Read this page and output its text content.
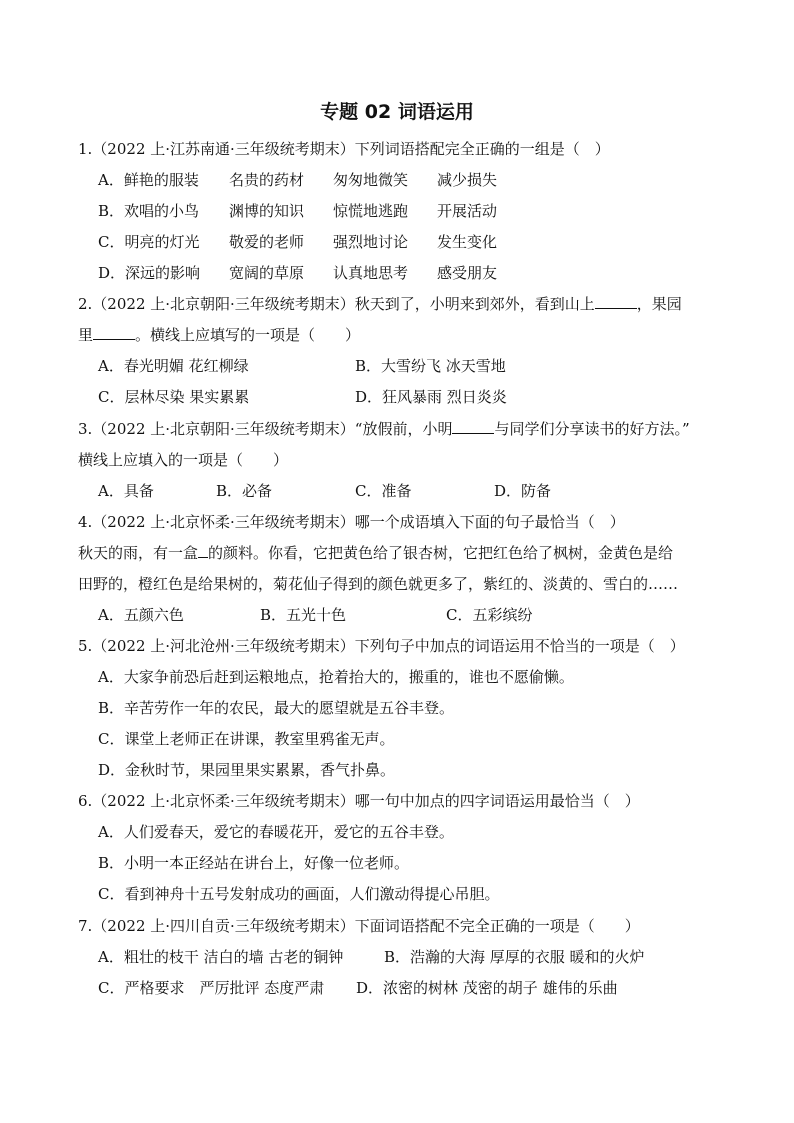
专题 02 词语运用
1.（2022 上·江苏南通·三年级统考期末）下列词语搭配完全正确的一组是（　）
A．鲜艳的服装 名贵的药材 匆匆地微笑 减少损失
B．欢唱的小鸟 渊博的知识 惊慌地逃跑 开展活动
C．明亮的灯光 敬爱的老师 强烈地讨论 发生变化
D．深远的影响 宽阔的草原 认真地思考 感受朋友
2.（2022 上·北京朝阳·三年级统考期末）秋天到了，小明来到郊外，看到山上	，果园
里	。横线上应填写的一项是（　　）
A．春光明媚 花红柳绿	B．大雪纷飞 冰天雪地
C．层林尽染 果实累累	D．狂风暴雨 烈日炎炎
3.（2022 上·北京朝阳·三年级统考期末）“放假前，小明	与同学们分享读书的好方法。”
横线上应填入的一项是（　　）
A．具备	B．必备	C．准备	D．防备
4.（2022 上·北京怀柔·三年级统考期末）哪一个成语填入下面的句子最恰当（　）
秋天的雨，有一盒 的颜料。你看，它把黄色给了银杏树，它把红色给了枫树，金黄色是给
田野的，橙红色是给果树的，菊花仙子得到的颜色就更多了，紫红的、淡黄的、雪白的……
A．五颜六色	B．五光十色	C．五彩缤纷
5.（2022 上·河北沧州·三年级统考期末）下列句子中加点的词语运用不恰当的一项是（　）
A．大家争前恐后赶到运粮地点，抢着抬大的，搬重的，谁也不愿偷懒。
B．辛苦劳作一年的农民，最大的愿望就是五谷丰登。
C．课堂上老师正在讲课，教室里鸦雀无声。
D．金秋时节，果园里果实累累，香气扑鼻。
6.（2022 上·北京怀柔·三年级统考期末）哪一句中加点的四字词语运用最恰当（　）
A．人们爱春天，爱它的春暖花开，爱它的五谷丰登。
B．小明一本正经站在讲台上，好像一位老师。
C．看到神舟十五号发射成功的画面，人们激动得提心吊胆。
7.（2022 上·四川自贡·三年级统考期末）下面词语搭配不完全正确的一项是（　　）
A．粗壮的枝干 洁白的墙 古老的铜钟	B．浩瀚的大海 厚厚的衣服 暖和的火炉
C．严格要求　严厉批评 态度严肃 D．浓密的树林 茂密的胡子 雄伟的乐曲
